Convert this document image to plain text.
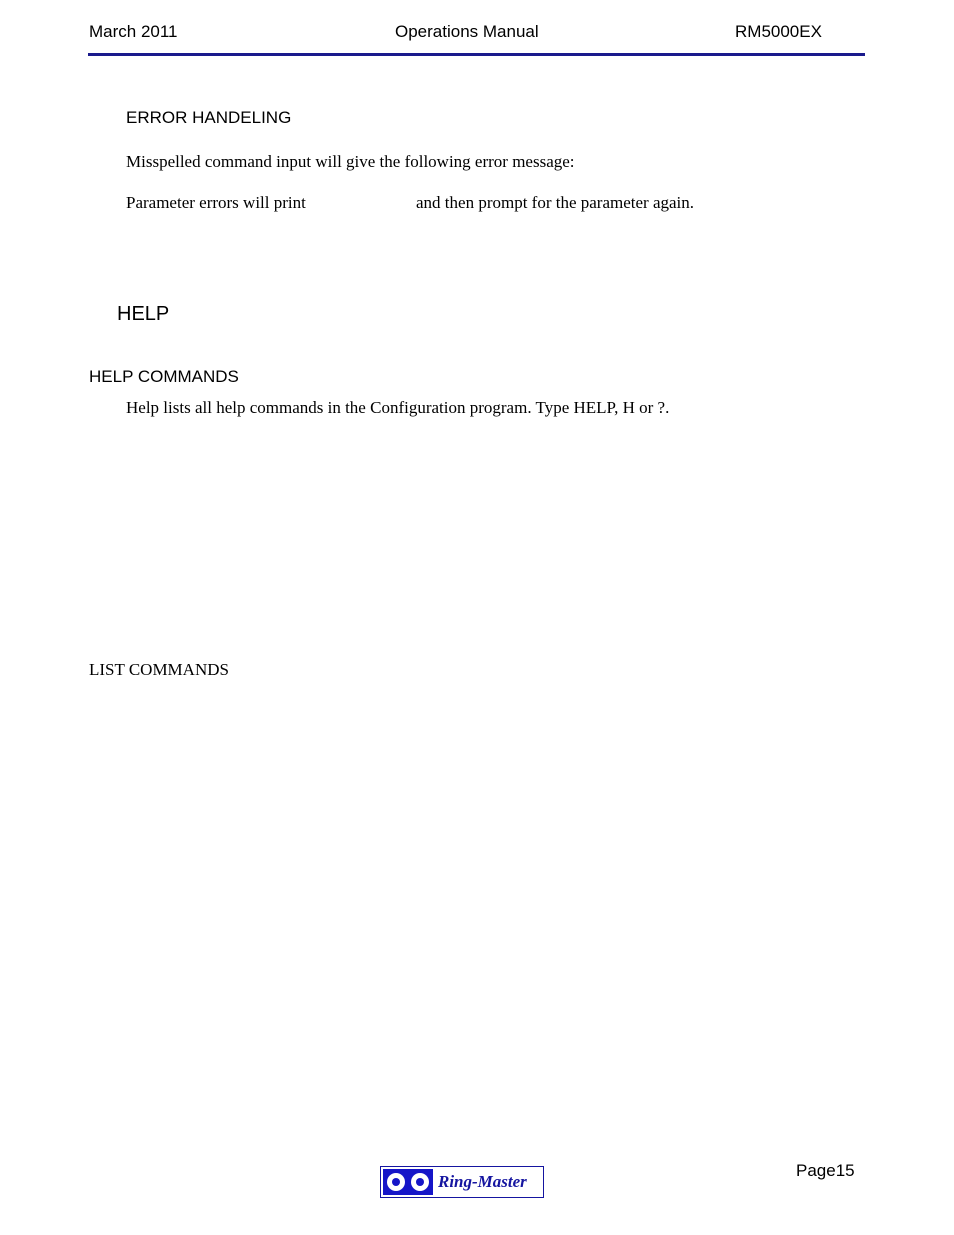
March 2011	Operations Manual	RM5000EX
ERROR HANDELING
Misspelled command input will give the following error message:
Parameter errors will print	and then prompt for the parameter again.
HELP
HELP COMMANDS
Help lists all help commands in the Configuration program. Type HELP, H or ?.
LIST COMMANDS
Page15
Ring-Master
